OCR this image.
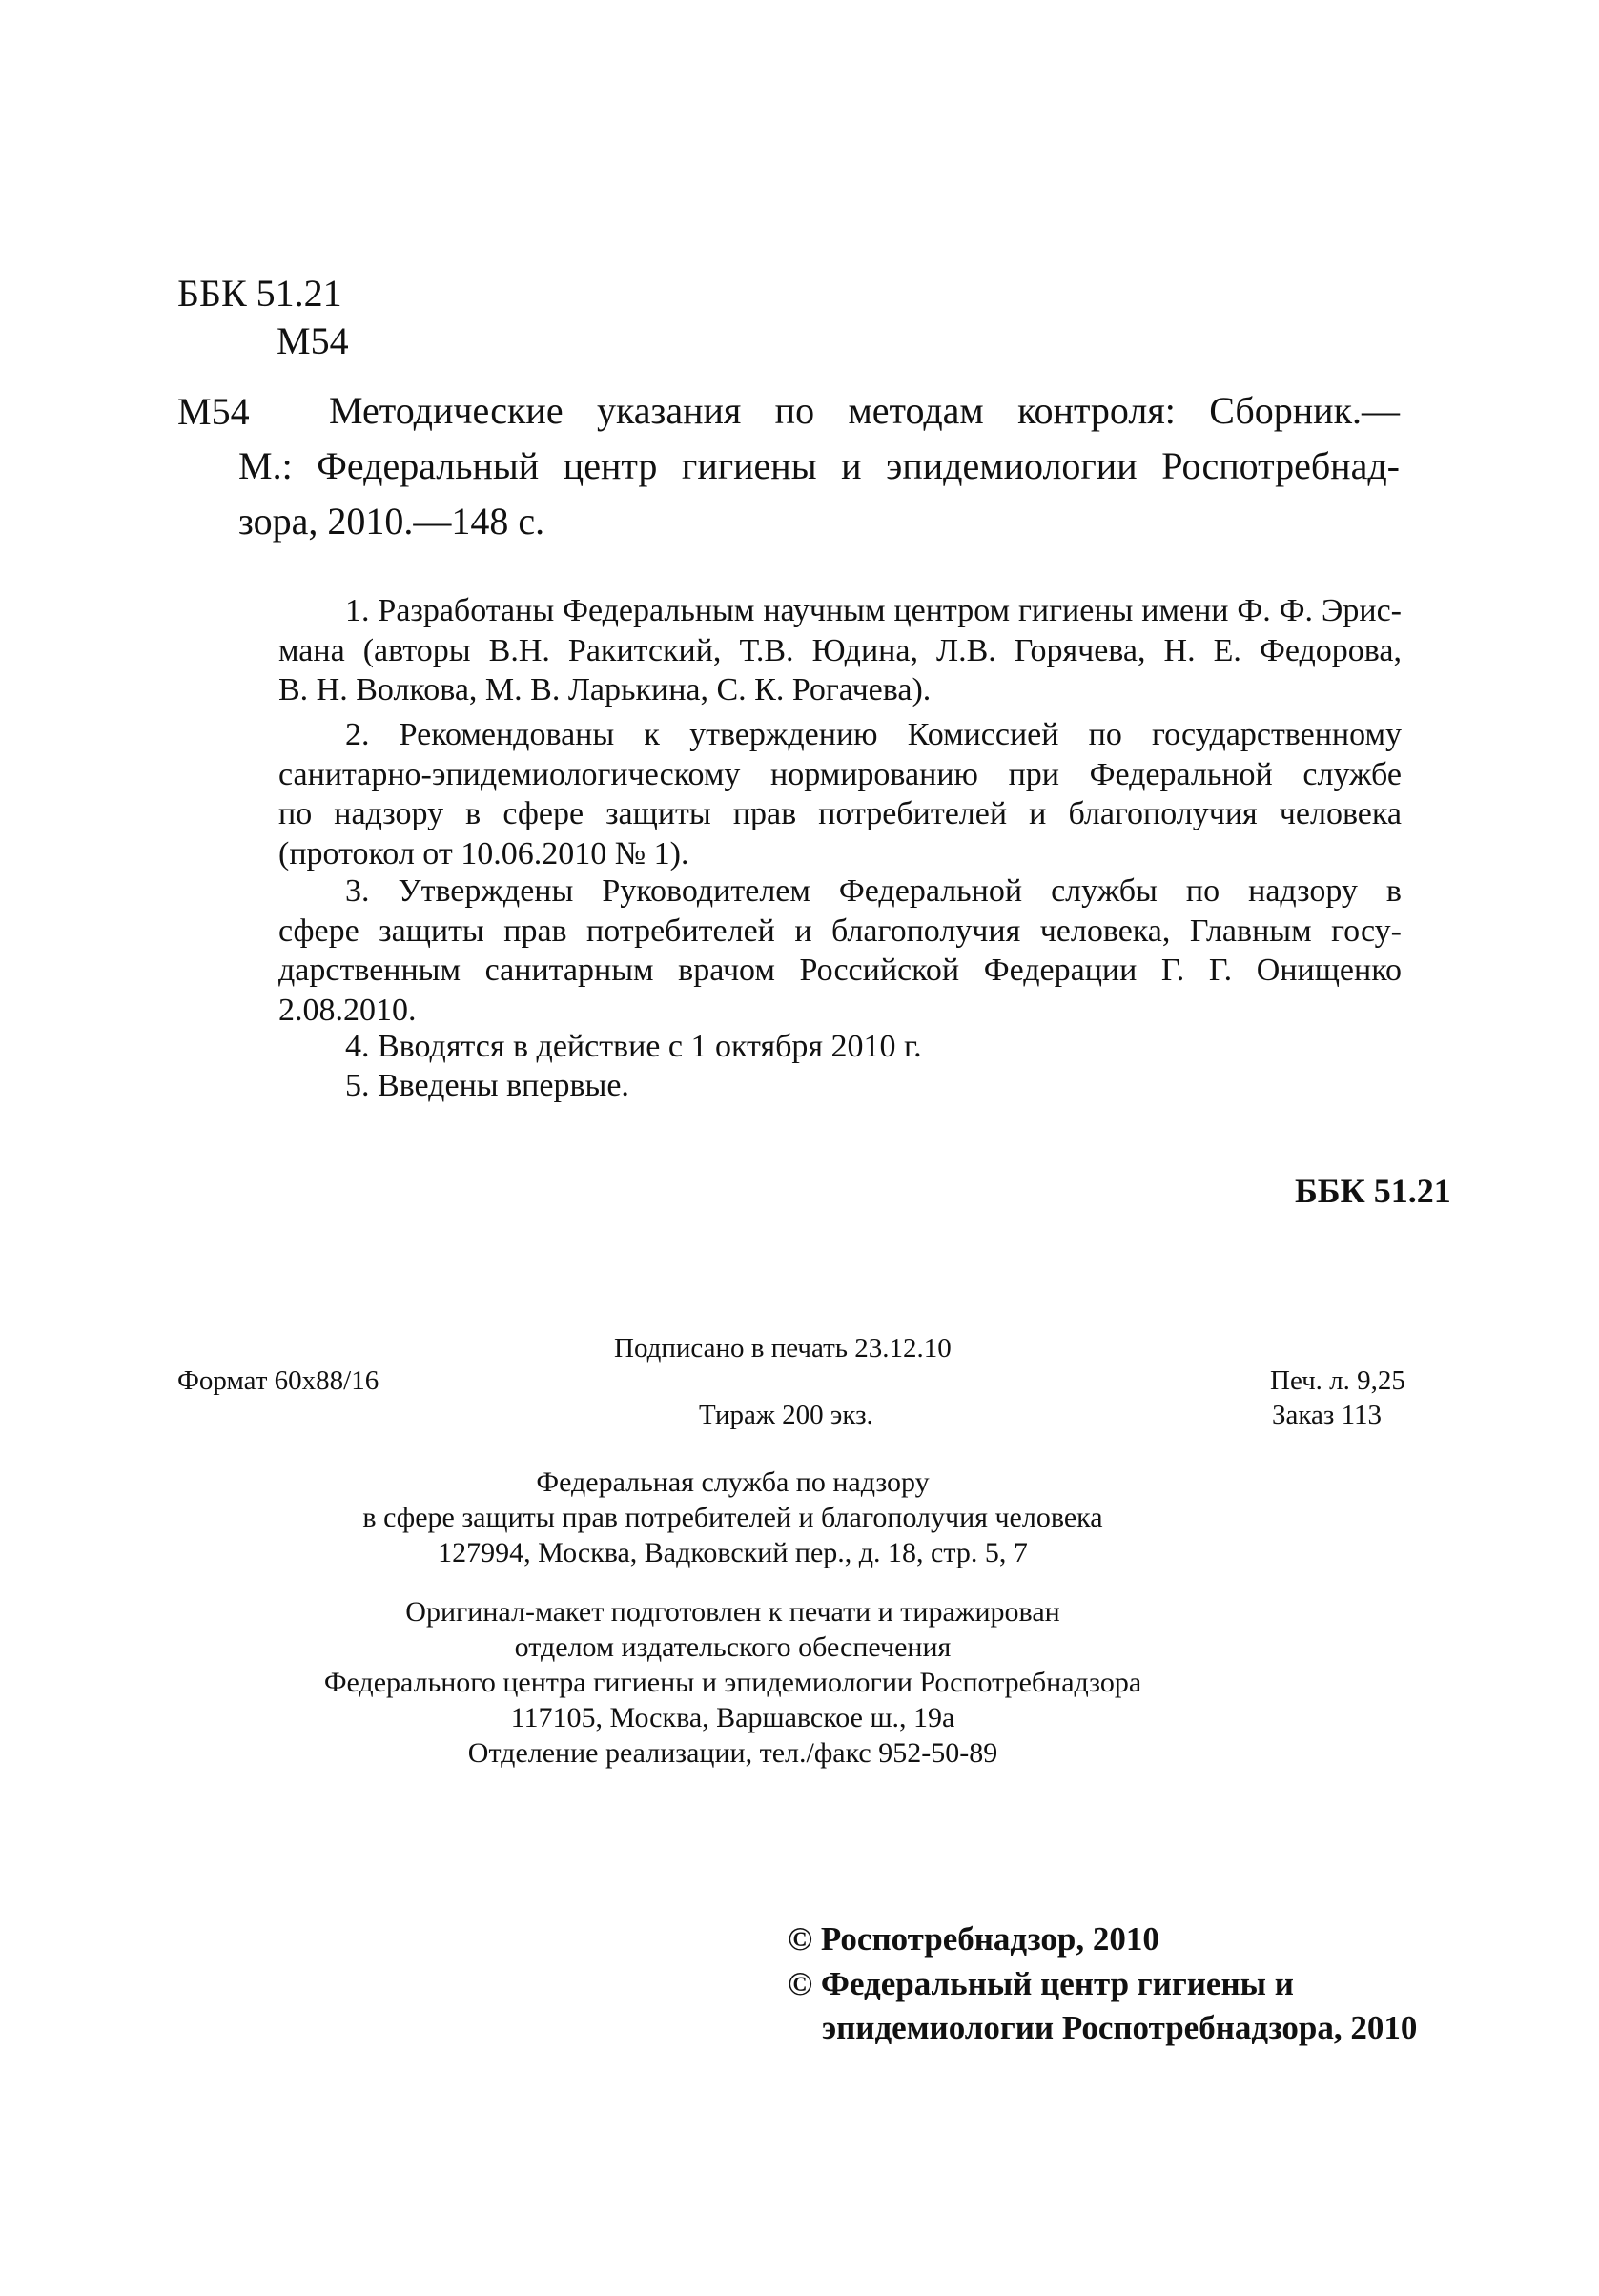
ББК 51.21
М54
М54 Методические указания по методам контроля: Сборник.—
М.: Федеральный центр гигиены и эпидемиологии Роспотребнад-
зора, 2010.—148 с.
1. Разработаны Федеральным научным центром гигиены имени Ф. Ф. Эрис-
мана (авторы В.Н. Ракитский, Т.В. Юдина, Л.В. Горячева, Н. Е. Федорова,
В. Н. Волкова, М. В. Ларькина, С. К. Рогачева).
2. Рекомендованы к утверждению Комиссией по государственному
санитарно-эпидемиологическому нормированию при Федеральной службе
по надзору в сфере защиты прав потребителей и благополучия человека
(протокол от 10.06.2010 № 1).
3. Утверждены Руководителем Федеральной службы по надзору в
сфере защиты прав потребителей и благополучия человека, Главным госу-
дарственным санитарным врачом Российской Федерации Г. Г. Онищенко
2.08.2010.
4. Вводятся в действие с 1 октября 2010 г.
5. Введены впервые.
ББК 51.21
Подписано в печать 23.12.10
Формат 60х88/16	Печ. л. 9,25
Тираж 200 экз.	Заказ 113
Федеральная служба по надзору
в сфере защиты прав потребителей и благополучия человека
127994, Москва, Вадковский пер., д. 18, стр. 5, 7
Оригинал-макет подготовлен к печати и тиражирован
отделом издательского обеспечения
Федерального центра гигиены и эпидемиологии Роспотребнадзора
117105, Москва, Варшавское ш., 19а
Отделение реализации, тел./факс 952-50-89
© Роспотребнадзор, 2010
© Федеральный центр гигиены и
эпидемиологии Роспотребнадзора, 2010
